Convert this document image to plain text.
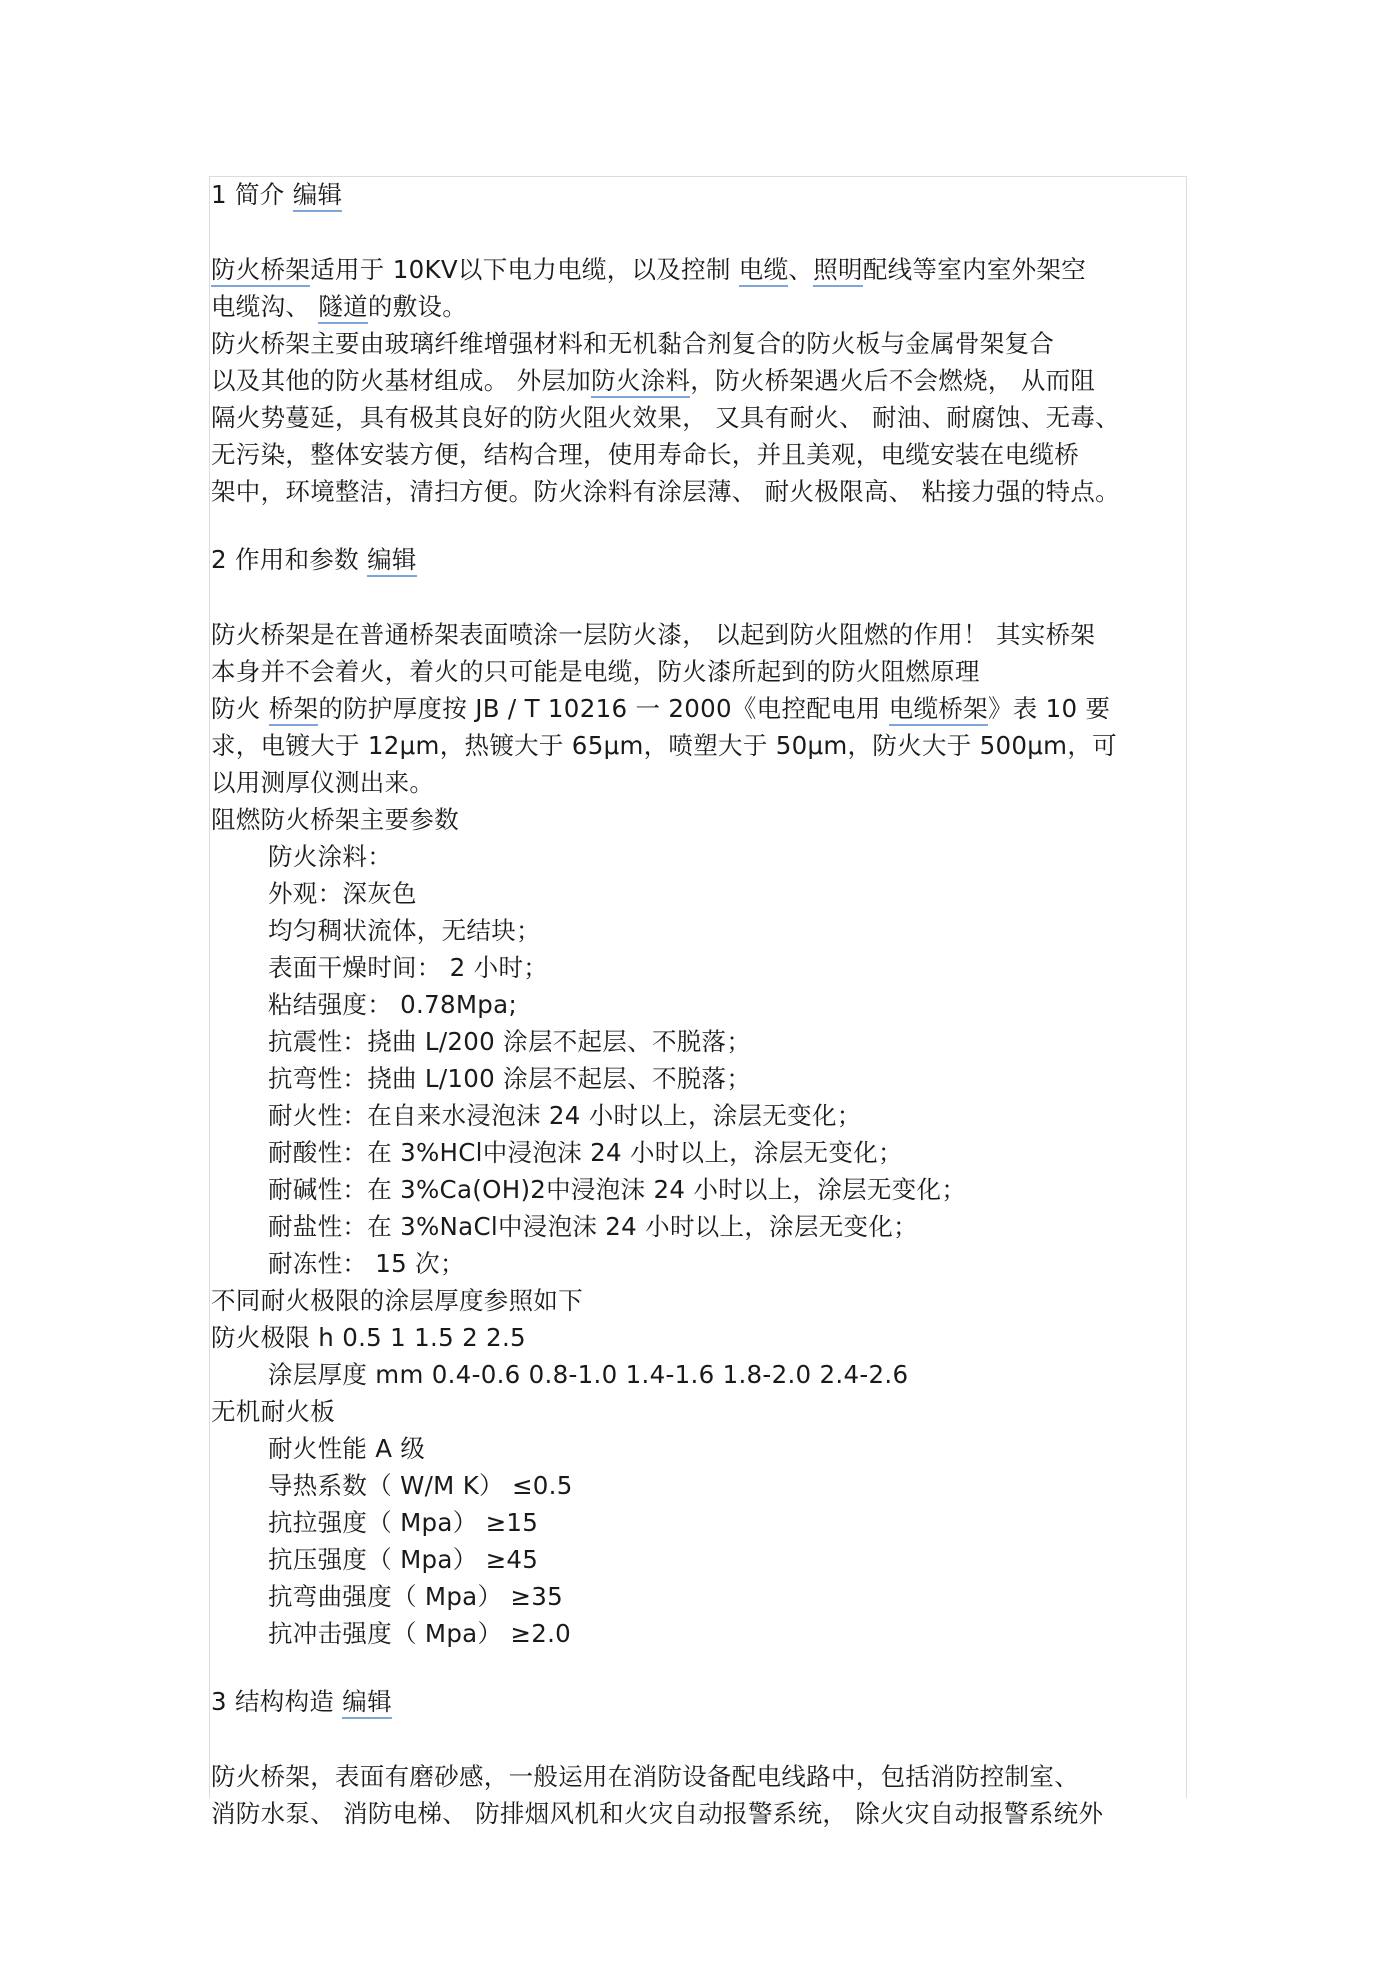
1 简介 编辑

防火桥架适用于 10KV以下电力电缆，以及控制 电缆、照明配线等室内室外架空

电缆沟、 隧道的敷设。

防火桥架主要由玻璃纤维增强材料和无机黏合剂复合的防火板与金属骨架复合

以及其他的防火基材组成。 外层加防火涂料，防火桥架遇火后不会燃烧， 从而阻

隔火势蔓延，具有极其良好的防火阻火效果， 又具有耐火、 耐油、耐腐蚀、无毒、

无污染，整体安装方便，结构合理，使用寿命长，并且美观，电缆安装在电缆桥

架中，环境整洁，清扫方便。防火涂料有涂层薄、 耐火极限高、 粘接力强的特点。

2 作用和参数 编辑

防火桥架是在普通桥架表面喷涂一层防火漆， 以起到防火阻燃的作用！ 其实桥架

本身并不会着火，着火的只可能是电缆，防火漆所起到的防火阻燃原理

防火 桥架的防护厚度按 JB / T 10216 一 2000《电控配电用 电缆桥架》表 10 要

求，电镀大于 12μm，热镀大于 65μm，喷塑大于 50μm，防火大于 500μm，可

以用测厚仪测出来。

阻燃防火桥架主要参数

防火涂料：

外观：深灰色

均匀稠状流体，无结块；

表面干燥时间： 2 小时；

粘结强度： 0.78Mpa;

抗震性：挠曲 L/200 涂层不起层、不脱落；

抗弯性：挠曲 L/100 涂层不起层、不脱落；

耐火性：在自来水浸泡沫 24 小时以上，涂层无变化；

耐酸性：在 3%HCl中浸泡沫 24 小时以上，涂层无变化；

耐碱性：在 3%Ca(OH)2中浸泡沫 24 小时以上，涂层无变化；

耐盐性：在 3%NaCl中浸泡沫 24 小时以上，涂层无变化；

耐冻性： 15 次；

不同耐火极限的涂层厚度参照如下

防火极限 h 0.5 1 1.5 2 2.5

涂层厚度 mm 0.4-0.6 0.8-1.0 1.4-1.6 1.8-2.0 2.4-2.6

无机耐火板

耐火性能 A 级

导热系数（ W/M K） ≤0.5

抗拉强度（ Mpa） ≥15

抗压强度（ Mpa） ≥45

抗弯曲强度（ Mpa） ≥35

抗冲击强度（ Mpa） ≥2.0

3 结构构造 编辑

防火桥架，表面有磨砂感，一般运用在消防设备配电线路中，包括消防控制室、

消防水泵、 消防电梯、 防排烟风机和火灾自动报警系统， 除火灾自动报警系统外
